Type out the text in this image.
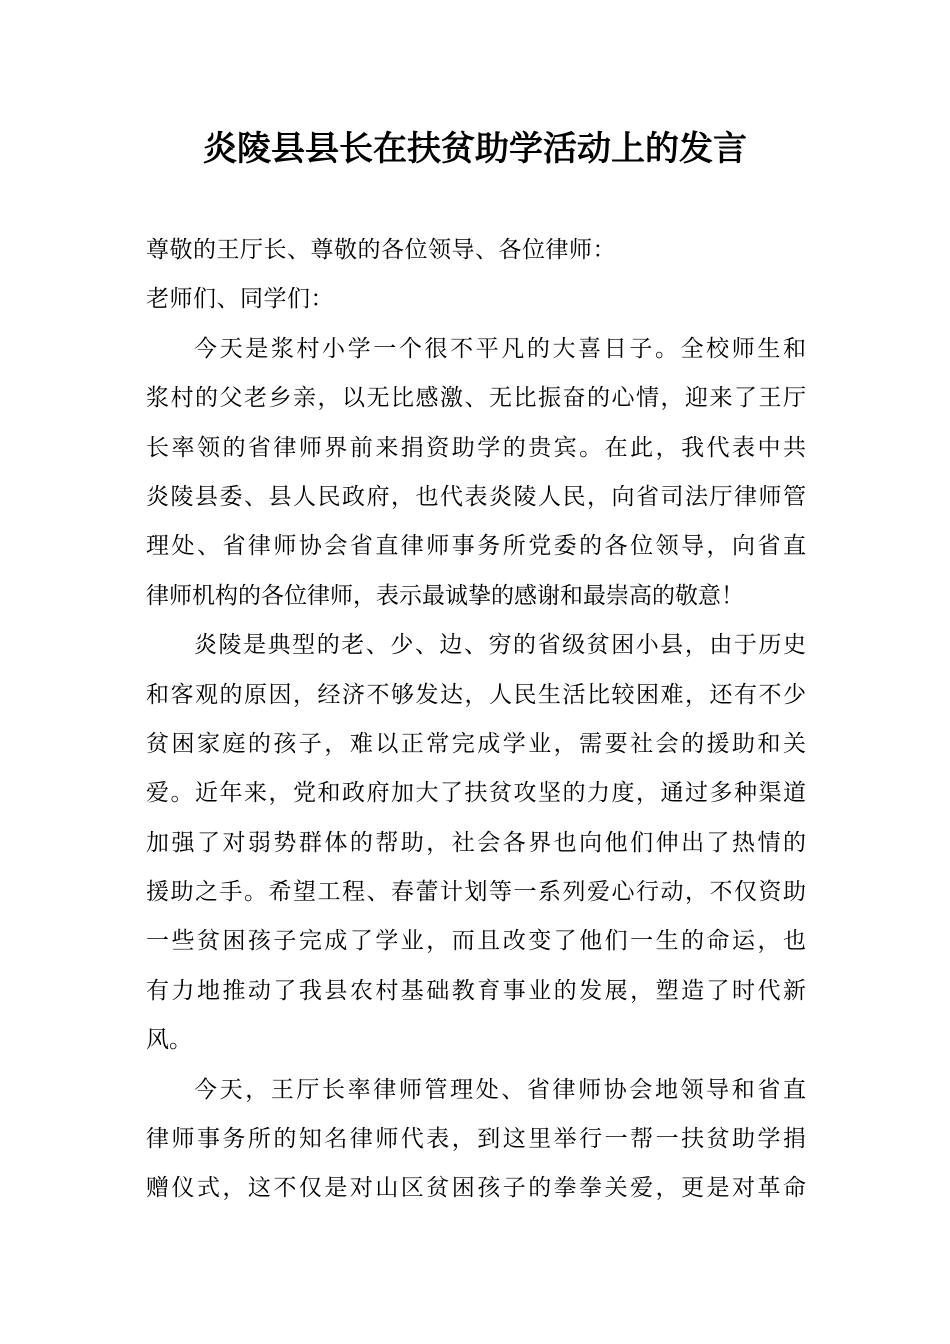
炎陵县县长在扶贫助学活动上的发言
尊敬的王厅长、尊敬的各位领导、各位律师：
老师们、同学们：
今天是浆村小学一个很不平凡的大喜日子。全校师生和
浆村的父老乡亲，以无比感激、无比振奋的心情，迎来了王厅
长率领的省律师界前来捐资助学的贵宾。在此，我代表中共
炎陵县委、县人民政府，也代表炎陵人民，向省司法厅律师管
理处、省律师协会省直律师事务所党委的各位领导，向省直
律师机构的各位律师，表示最诚挚的感谢和最崇高的敬意！
炎陵是典型的老、少、边、穷的省级贫困小县，由于历史
和客观的原因，经济不够发达，人民生活比较困难，还有不少
贫困家庭的孩子，难以正常完成学业，需要社会的援助和关
爱。近年来，党和政府加大了扶贫攻坚的力度，通过多种渠道
加强了对弱势群体的帮助，社会各界也向他们伸出了热情的
援助之手。希望工程、春蕾计划等一系列爱心行动，不仅资助
一些贫困孩子完成了学业，而且改变了他们一生的命运，也
有力地推动了我县农村基础教育事业的发展，塑造了时代新
风。
今天，王厅长率律师管理处、省律师协会地领导和省直
律师事务所的知名律师代表，到这里举行一帮一扶贫助学捐
赠仪式，这不仅是对山区贫困孩子的拳拳关爱，更是对革命
